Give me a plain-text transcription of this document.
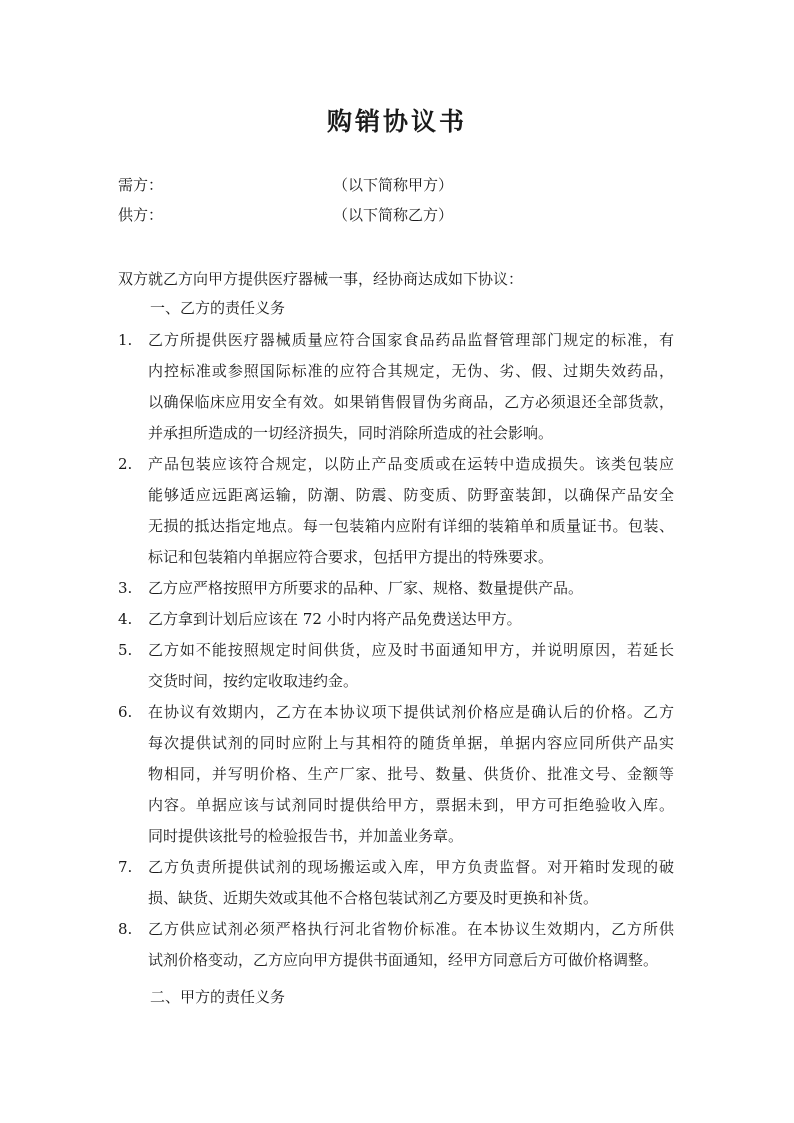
购销协议书
需方：	（以下简称甲方）
供方：	（以下简称乙方）
双方就乙方向甲方提供医疗器械一事，经协商达成如下协议：
一、乙方的责任义务
1. 乙方所提供医疗器械质量应符合国家食品药品监督管理部门规定的标准，有
内控标准或参照国际标准的应符合其规定，无伪、劣、假、过期失效药品，
以确保临床应用安全有效。如果销售假冒伪劣商品，乙方必须退还全部货款，
并承担所造成的一切经济损失，同时消除所造成的社会影响。
2. 产品包装应该符合规定，以防止产品变质或在运转中造成损失。该类包装应
能够适应远距离运输，防潮、防震、防变质、防野蛮装卸，以确保产品安全
无损的抵达指定地点。每一包装箱内应附有详细的装箱单和质量证书。包装、
标记和包装箱内单据应符合要求，包括甲方提出的特殊要求。
3. 乙方应严格按照甲方所要求的品种、厂家、规格、数量提供产品。
4. 乙方拿到计划后应该在 72 小时内将产品免费送达甲方。
5. 乙方如不能按照规定时间供货，应及时书面通知甲方，并说明原因，若延长
交货时间，按约定收取违约金。
6. 在协议有效期内，乙方在本协议项下提供试剂价格应是确认后的价格。乙方
每次提供试剂的同时应附上与其相符的随货单据，单据内容应同所供产品实
物相同，并写明价格、生产厂家、批号、数量、供货价、批准文号、金额等
内容。单据应该与试剂同时提供给甲方，票据未到，甲方可拒绝验收入库。
同时提供该批号的检验报告书，并加盖业务章。
7. 乙方负责所提供试剂的现场搬运或入库，甲方负责监督。对开箱时发现的破
损、缺货、近期失效或其他不合格包装试剂乙方要及时更换和补货。
8. 乙方供应试剂必须严格执行河北省物价标准。在本协议生效期内，乙方所供
试剂价格变动，乙方应向甲方提供书面通知，经甲方同意后方可做价格调整。
二、甲方的责任义务
